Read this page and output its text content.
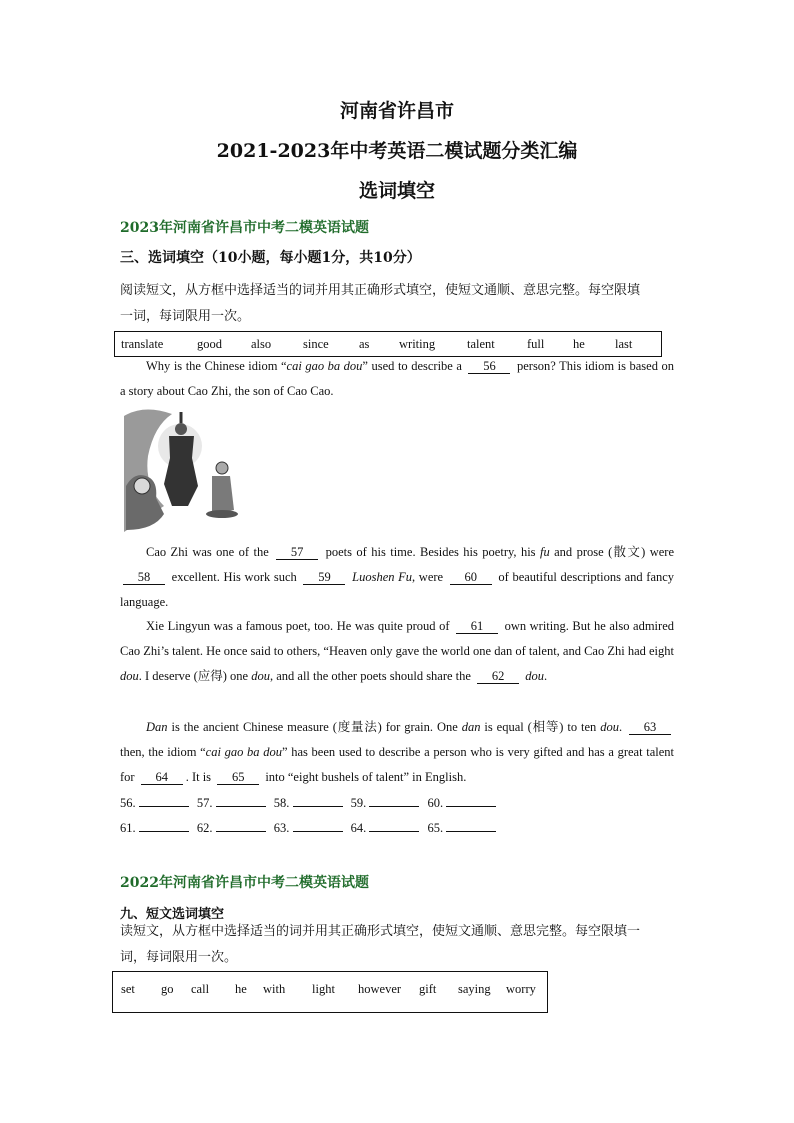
河南省许昌市
2021-2023年中考英语二模试题分类汇编
选词填空
2023年河南省许昌市中考二模英语试题
三、选词填空（10小题，每小题1分，共10分）
阅读短文，从方框中选择适当的词并用其正确形式填空，使短文通顺、意思完整。每空限填
一词，每词限用一次。
translate	good also	since as writing	talent	full he last
Why is the Chinese idiom “cai gao ba dou” used to describe a 56 person? This idiom is based on a story about Cao Zhi, the son of Cao Cao.
Cao Zhi was one of the 57 poets of his time. Besides his poetry, his fu and prose (散文) were 58 excellent. His work such 59 Luoshen Fu, were 60 of beautiful descriptions and fancy language.
Xie Lingyun was a famous poet, too. He was quite proud of 61 own writing. But he also admired Cao Zhi’s talent. He once said to others, “Heaven only gave the world one dan of talent, and Cao Zhi had eight dou. I deserve (应得) one dou, and all the other poets should share the 62 dou.
Dan is the ancient Chinese measure (度量法) for grain. One dan is equal (相等) to ten dou. 63 then, the idiom “cai gao ba dou” has been used to describe a person who is very gifted and has a great talent for 64 . It is 65 into “eight bushels of talent” in English.
56.	57.	58.	59.	60.
61.	62.	63.	64.	65.
2022年河南省许昌市中考二模英语试题
九、短文选词填空
读短文，从方框中选择适当的词并用其正确形式填空，使短文通顺、意思完整。每空限填一
词，每词限用一次。
set go call he with light however gift saying worry
